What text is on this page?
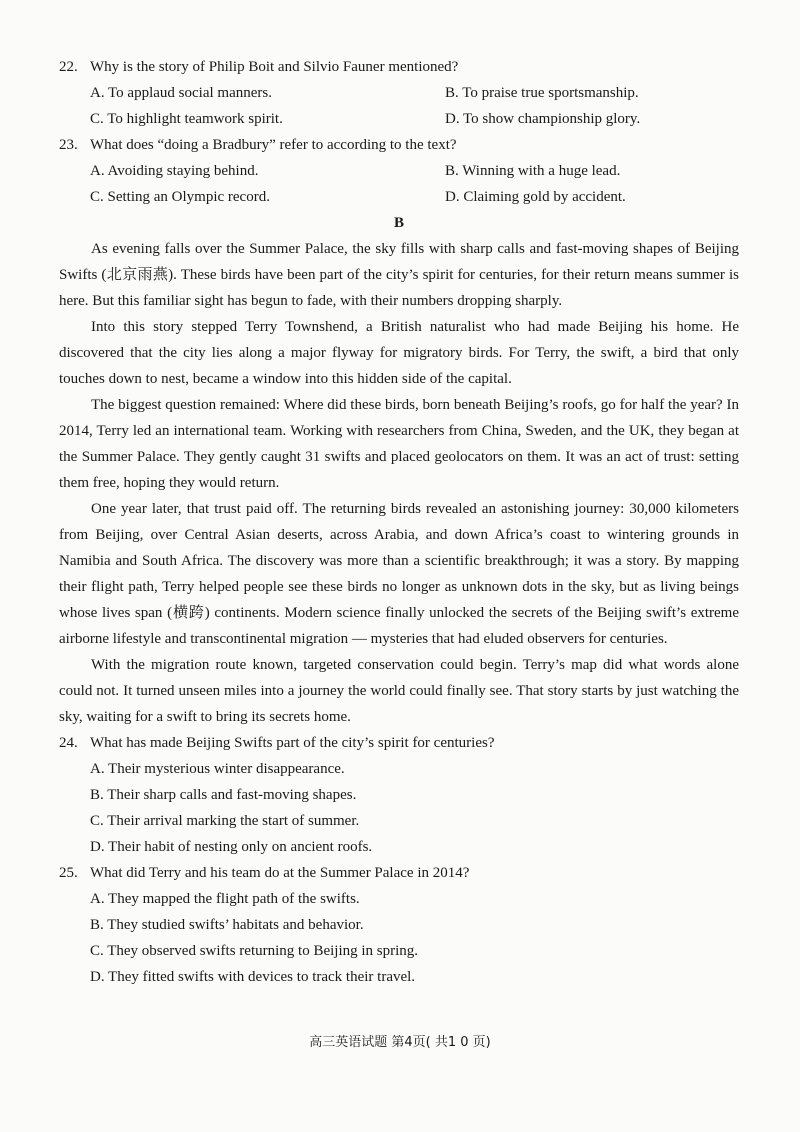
22. Why is the story of Philip Boit and Silvio Fauner mentioned?
A. To applaud social manners.	B. To praise true sportsmanship.
C. To highlight teamwork spirit.	D. To show championship glory.
23. What does “doing a Bradbury” refer to according to the text?
A. Avoiding staying behind.	B. Winning with a huge lead.
C. Setting an Olympic record.	D. Claiming gold by accident.
B

As evening falls over the Summer Palace, the sky fills with sharp calls and fast-moving shapes of Beijing Swifts (北京雨燕). These birds have been part of the city’s spirit for centuries, for their return means summer is here. But this familiar sight has begun to fade, with their numbers dropping sharply.

Into this story stepped Terry Townshend, a British naturalist who had made Beijing his home. He discovered that the city lies along a major flyway for migratory birds. For Terry, the swift, a bird that only touches down to nest, became a window into this hidden side of the capital.

The biggest question remained: Where did these birds, born beneath Beijing’s roofs, go for half the year? In 2014, Terry led an international team. Working with researchers from China, Sweden, and the UK, they began at the Summer Palace. They gently caught 31 swifts and placed geolocators on them. It was an act of trust: setting them free, hoping they would return.

One year later, that trust paid off. The returning birds revealed an astonishing journey: 30,000 kilometers from Beijing, over Central Asian deserts, across Arabia, and down Africa’s coast to wintering grounds in Namibia and South Africa. The discovery was more than a scientific breakthrough; it was a story. By mapping their flight path, Terry helped people see these birds no longer as unknown dots in the sky, but as living beings whose lives span (横跨) continents. Modern science finally unlocked the secrets of the Beijing swift’s extreme airborne lifestyle and transcontinental migration — mysteries that had eluded observers for centuries.

With the migration route known, targeted conservation could begin. Terry’s map did what words alone could not. It turned unseen miles into a journey the world could finally see. That story starts by just watching the sky, waiting for a swift to bring its secrets home.

24. What has made Beijing Swifts part of the city’s spirit for centuries?
A. Their mysterious winter disappearance.
B. Their sharp calls and fast-moving shapes.
C. Their arrival marking the start of summer.
D. Their habit of nesting only on ancient roofs.
25. What did Terry and his team do at the Summer Palace in 2014?
A. They mapped the flight path of the swifts.
B. They studied swifts’ habitats and behavior.
C. They observed swifts returning to Beijing in spring.
D. They fitted swifts with devices to track their travel.
高三英语试题 第4页( 共1 0 页)
